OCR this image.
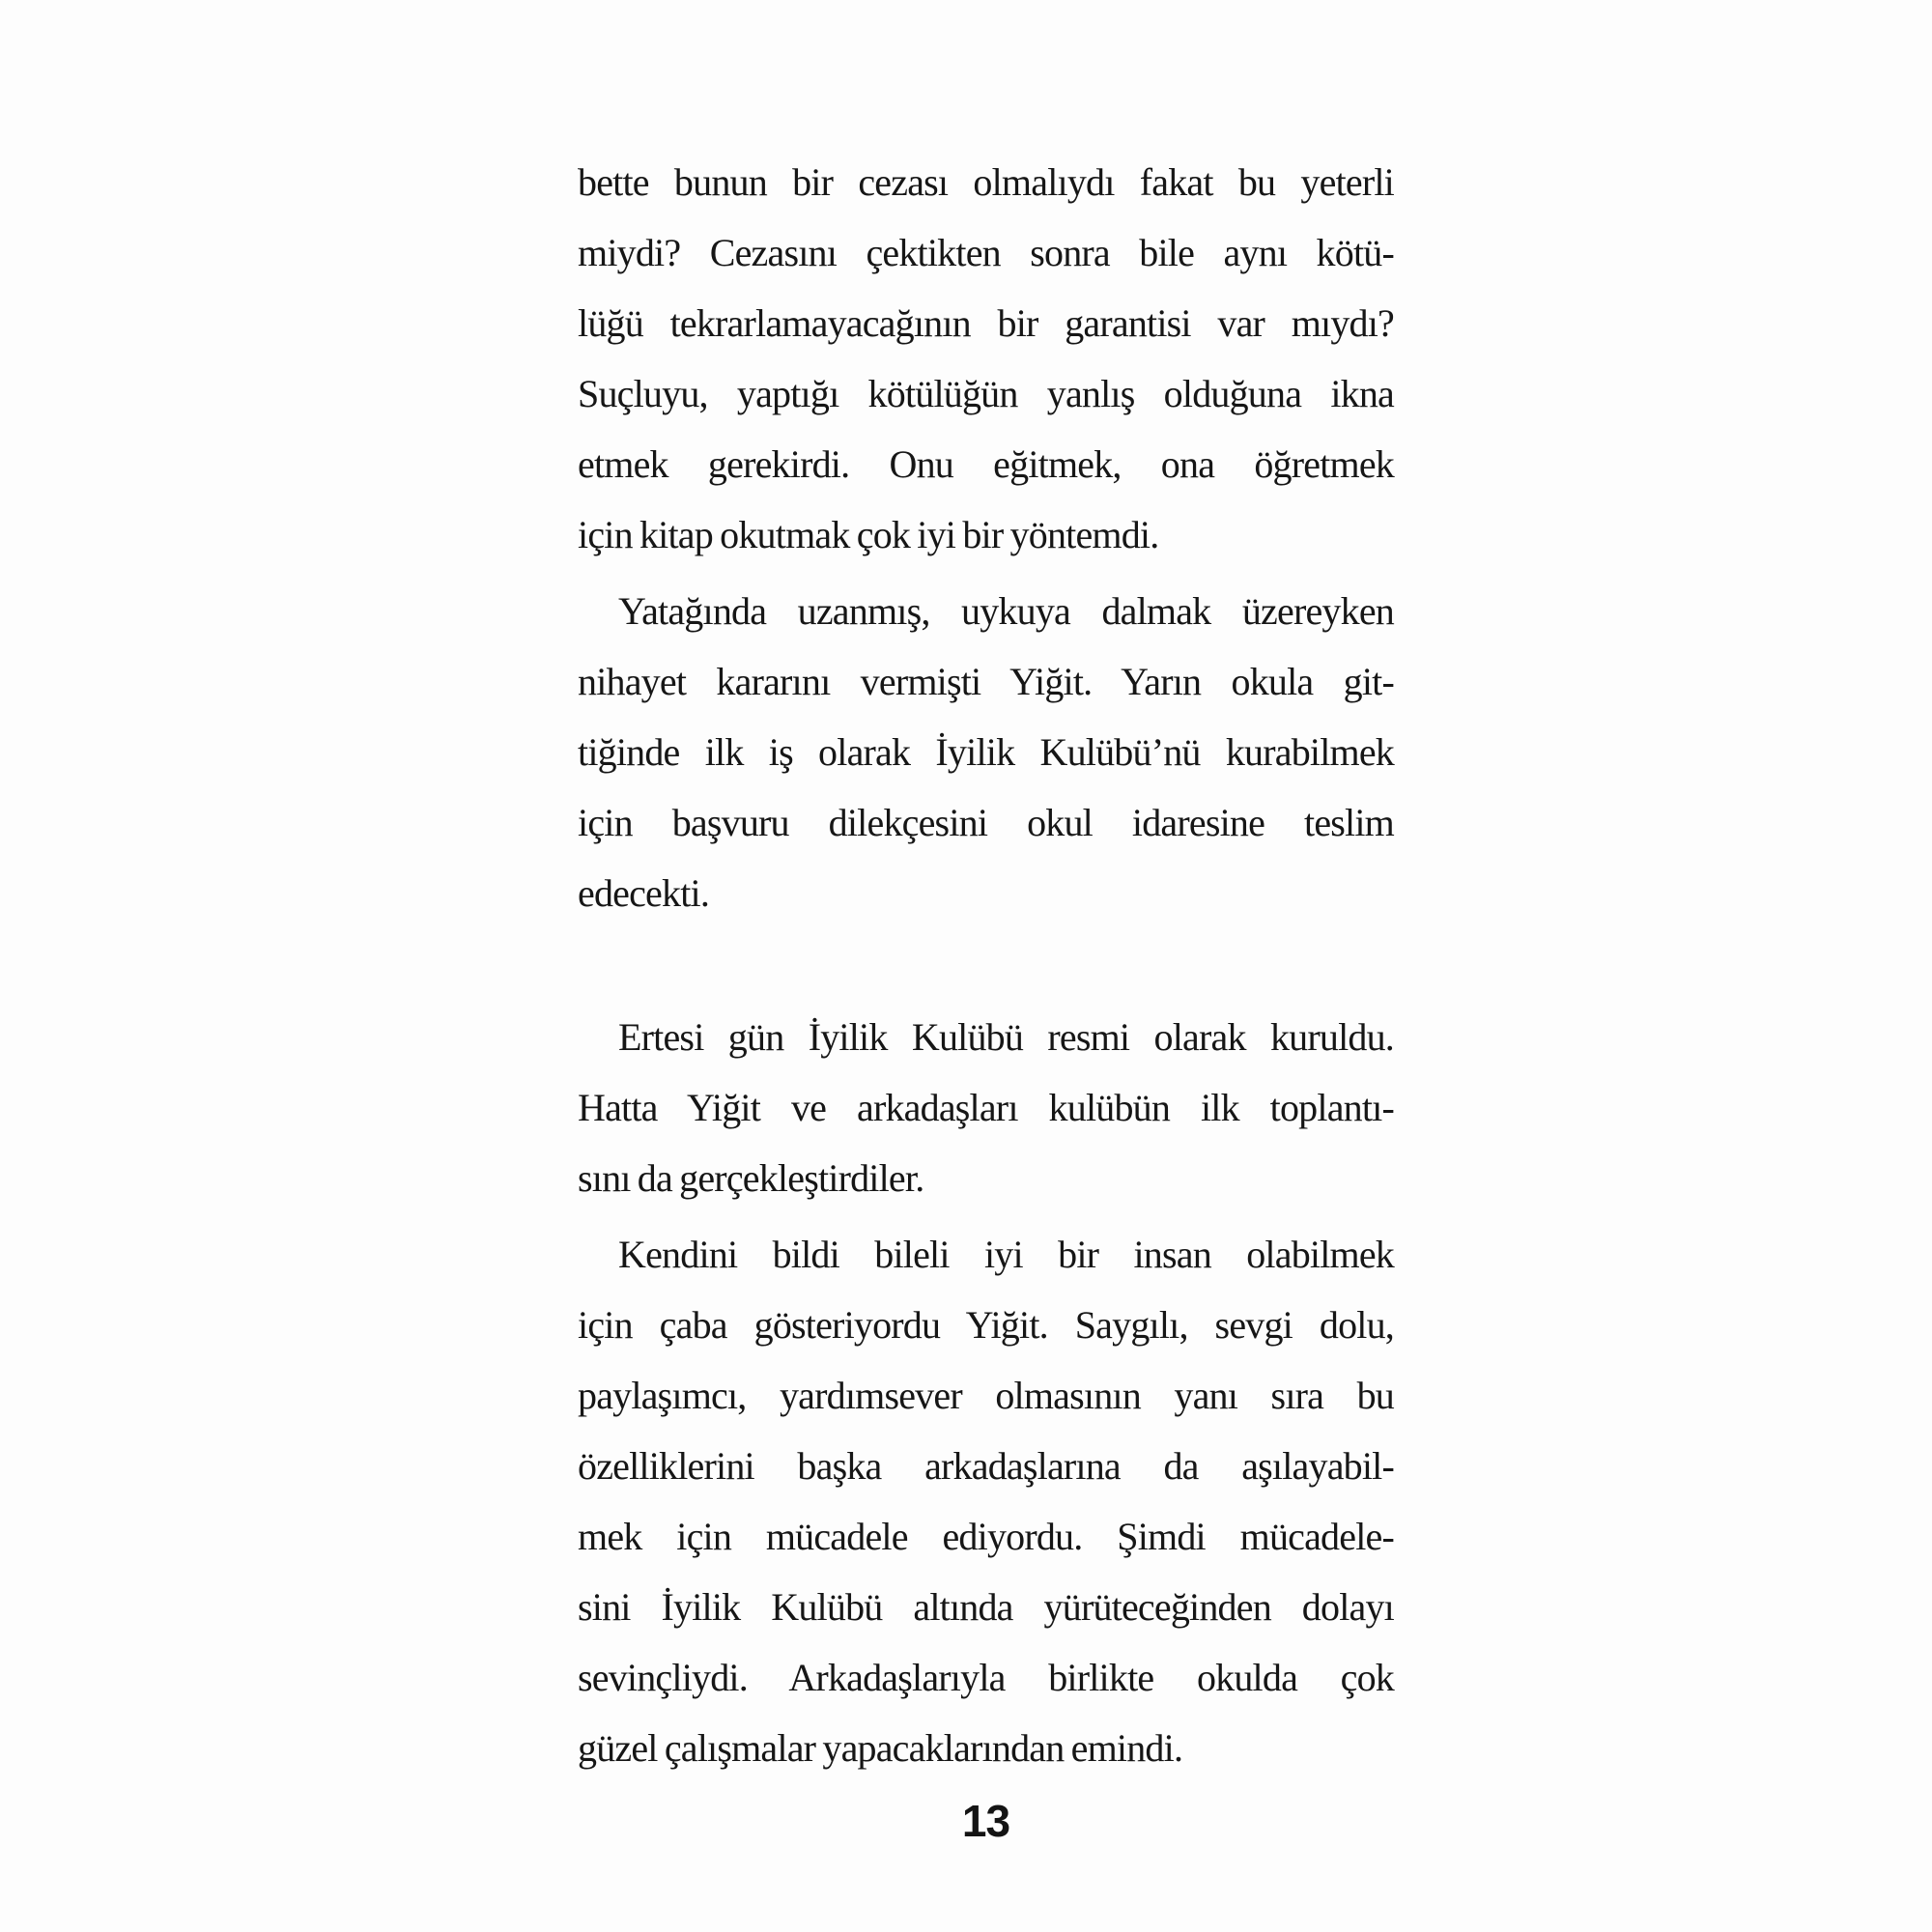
bette bunun bir cezası olmalıydı fakat bu yeterli
miydi? Cezasını çektikten sonra bile aynı kötü-
lüğü tekrarlamayacağının bir garantisi var mıydı?
Suçluyu, yaptığı kötülüğün yanlış olduğuna ikna
etmek gerekirdi. Onu eğitmek, ona öğretmek
için kitap okutmak çok iyi bir yöntemdi.
Yatağında uzanmış, uykuya dalmak üzereyken
nihayet kararını vermişti Yiğit. Yarın okula git-
tiğinde ilk iş olarak İyilik Kulübü’nü kurabilmek
için başvuru dilekçesini okul idaresine teslim
edecekti.
Ertesi gün İyilik Kulübü resmi olarak kuruldu.
Hatta Yiğit ve arkadaşları kulübün ilk toplantı-
sını da gerçekleştirdiler.
Kendini bildi bileli iyi bir insan olabilmek
için çaba gösteriyordu Yiğit. Saygılı, sevgi dolu,
paylaşımcı, yardımsever olmasının yanı sıra bu
özelliklerini başka arkadaşlarına da aşılayabil-
mek için mücadele ediyordu. Şimdi mücadele-
sini İyilik Kulübü altında yürüteceğinden dolayı
sevinçliydi. Arkadaşlarıyla birlikte okulda çok
güzel çalışmalar yapacaklarından emindi.
13
